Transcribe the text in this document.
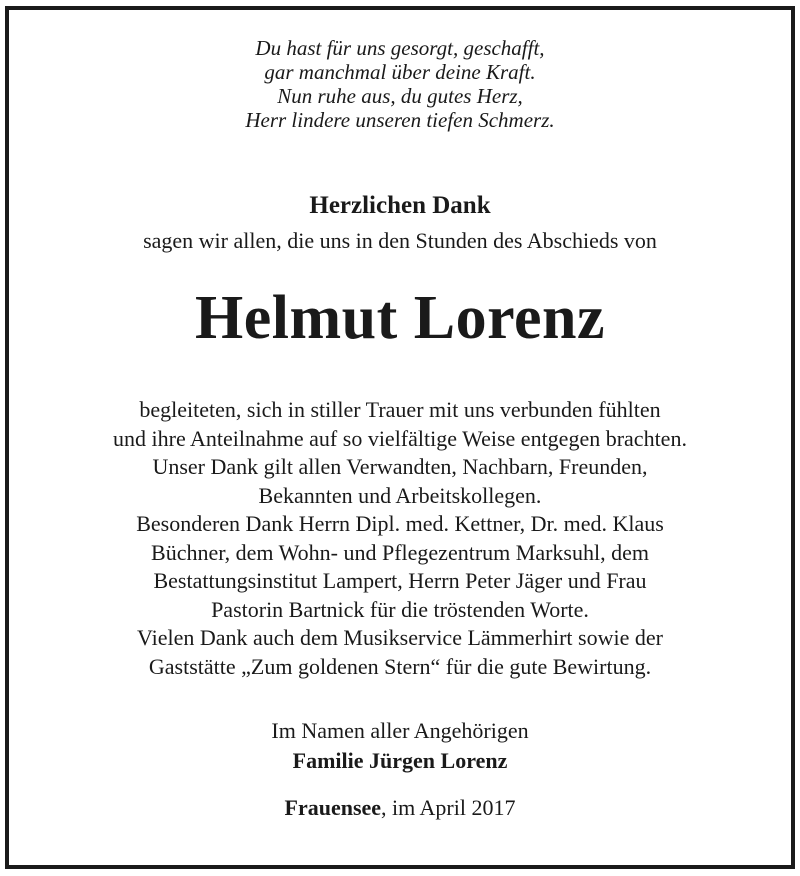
Du hast für uns gesorgt, geschafft,
gar manchmal über deine Kraft.
Nun ruhe aus, du gutes Herz,
Herr lindere unseren tiefen Schmerz.
Herzlichen Dank
sagen wir allen, die uns in den Stunden des Abschieds von
Helmut Lorenz
begleiteten, sich in stiller Trauer mit uns verbunden fühlten
und ihre Anteilnahme auf so vielfältige Weise entgegen brachten.
Unser Dank gilt allen Verwandten, Nachbarn, Freunden,
Bekannten und Arbeitskollegen.
Besonderen Dank Herrn Dipl. med. Kettner, Dr. med. Klaus
Büchner, dem Wohn- und Pflegezentrum Marksuhl, dem
Bestattungsinstitut Lampert, Herrn Peter Jäger und Frau
Pastorin Bartnick für die tröstenden Worte.
Vielen Dank auch dem Musikservice Lämmerhirt sowie der
Gaststätte „Zum goldenen Stern“ für die gute Bewirtung.
Im Namen aller Angehörigen
Familie Jürgen Lorenz
Frauensee, im April 2017
